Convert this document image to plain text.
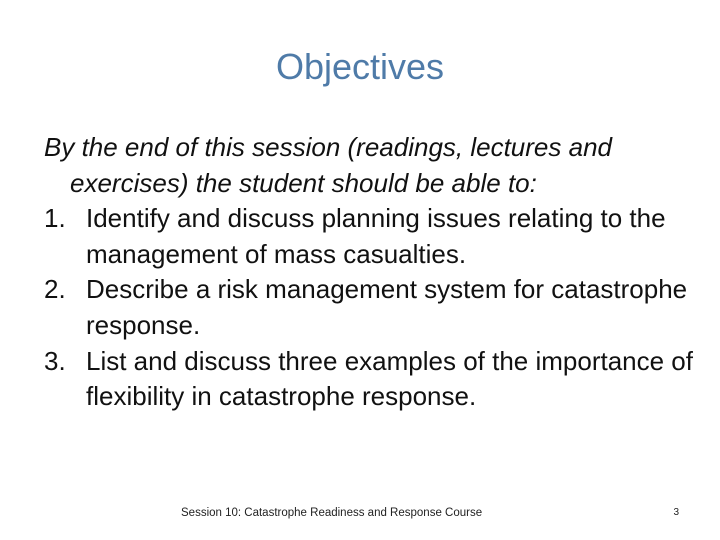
Objectives

By the end of this session (readings, lectures and exercises) the student should be able to:

1. Identify and discuss planning issues relating to the management of mass casualties.
2. Describe a risk management system for catastrophe response.
3. List and discuss three examples of the importance of flexibility in catastrophe response.
Session 10: Catastrophe Readiness and Response Course	3
